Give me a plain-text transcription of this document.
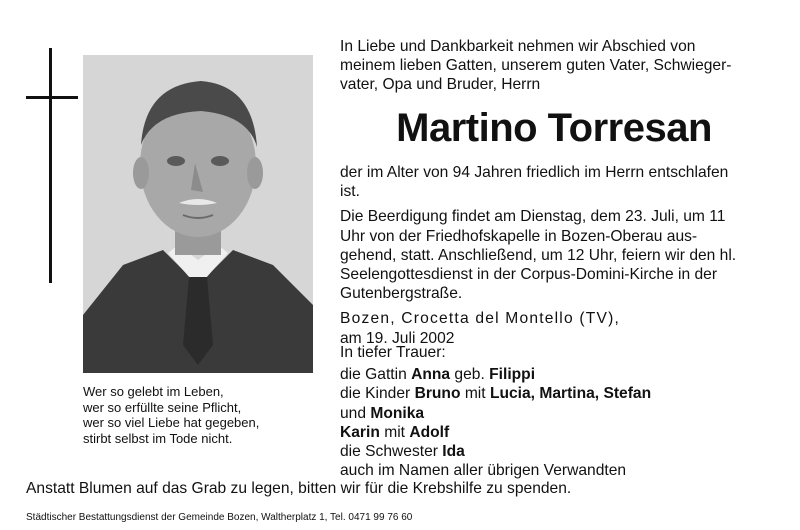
Wer so gelebt im Leben,
wer so erfüllte seine Pflicht,
wer so viel Liebe hat gegeben,
stirbt selbst im Tode nicht.
In Liebe und Dankbarkeit nehmen wir Abschied von
meinem lieben Gatten, unserem guten Vater, Schwieger-
vater, Opa und Bruder, Herrn
Martino Torresan
der im Alter von 94 Jahren friedlich im Herrn entschlafen
ist.
Die Beerdigung findet am Dienstag, dem 23. Juli, um 11
Uhr von der Friedhofskapelle in Bozen-Oberau aus-
gehend, statt. Anschließend, um 12 Uhr, feiern wir den hl.
Seelengottesdienst in der Corpus-Domini-Kirche in der
Gutenbergstraße.
Bozen, Crocetta del Montello (TV),
am 19. Juli 2002
In tiefer Trauer:
die Gattin Anna geb. Filippi
die Kinder Bruno mit Lucia, Martina, Stefan
und Monika
Karin mit Adolf
die Schwester Ida
auch im Namen aller übrigen Verwandten
Anstatt Blumen auf das Grab zu legen, bitten wir für die Krebshilfe zu spenden.
Städtischer Bestattungsdienst der Gemeinde Bozen, Waltherplatz 1, Tel. 0471 99 76 60
